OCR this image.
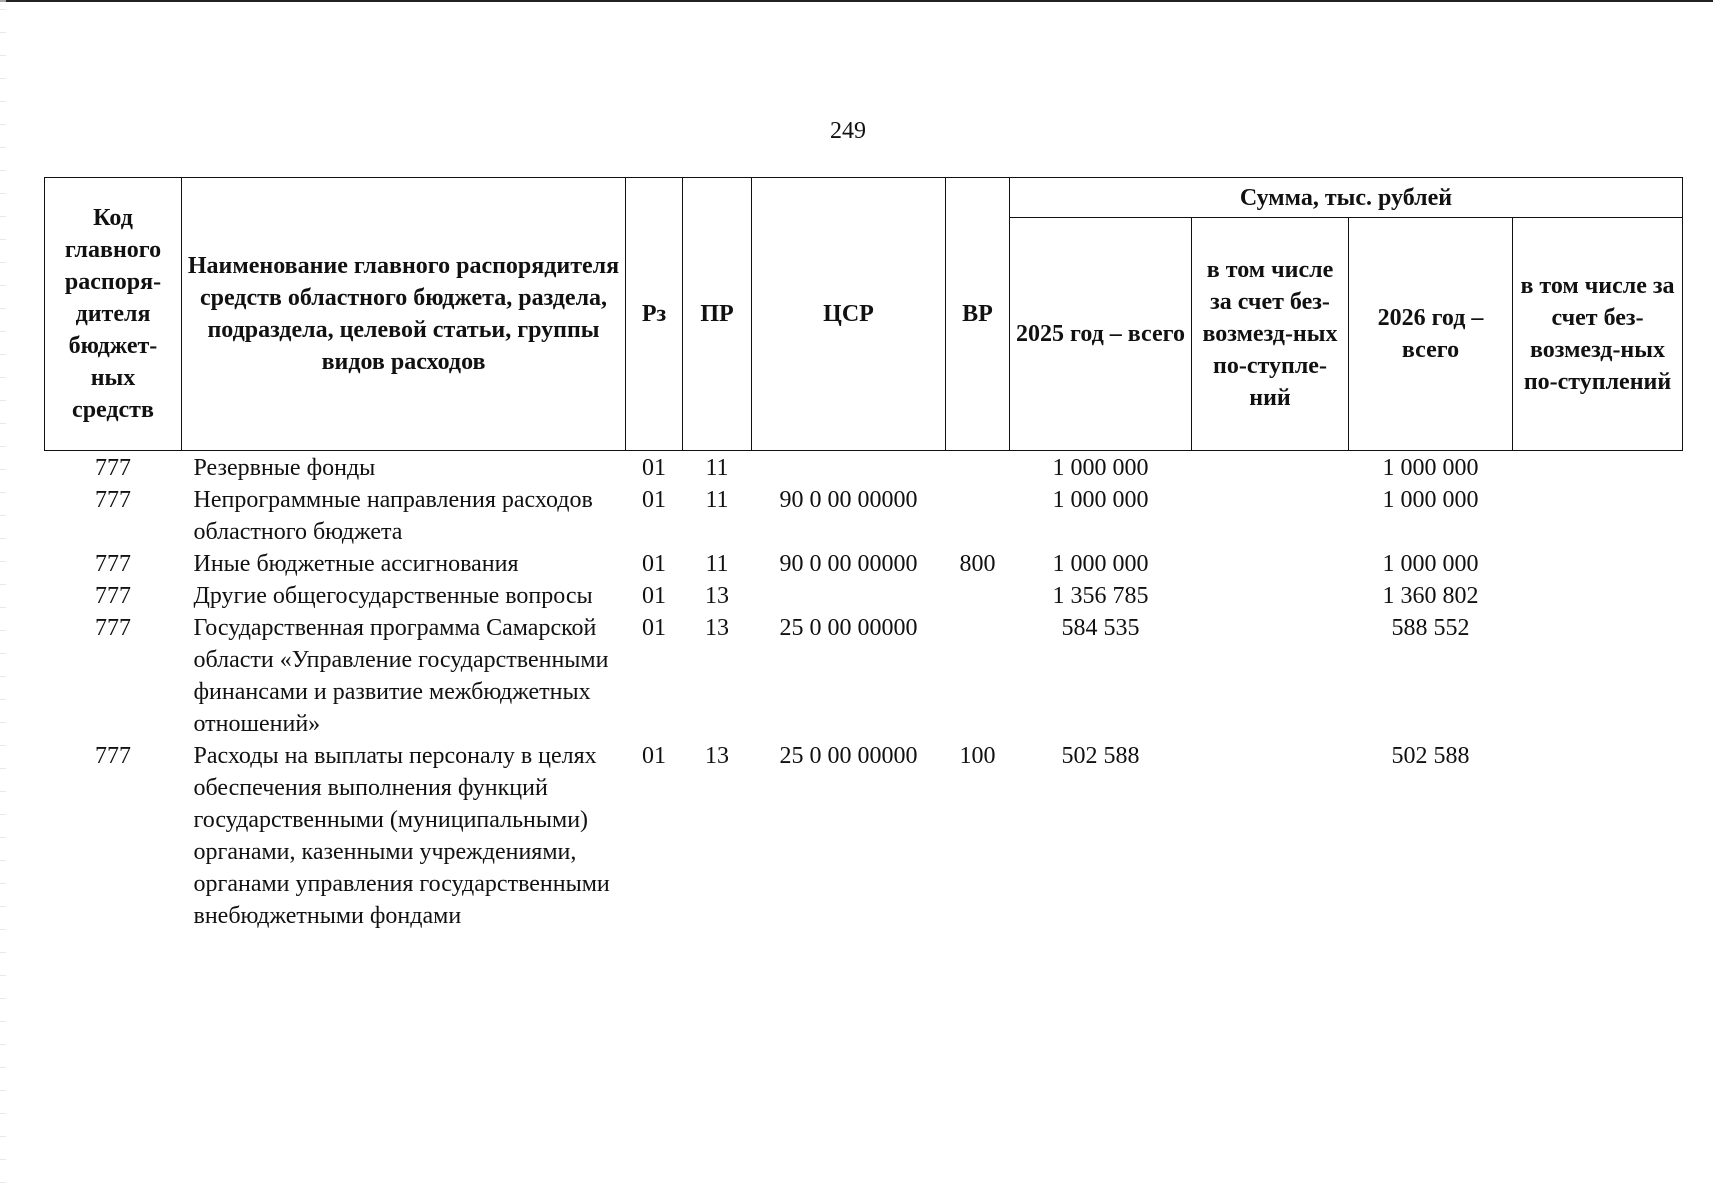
249
Код главного распоря-дителя бюджет-ных средств	Наименование главного распорядителя средств областного бюджета, раздела, подраздела, целевой статьи, группы видов расходов	Рз	ПР	ЦСР	ВР	Сумма, тыс. рублей			
						2025 год – всего	в том числе за счет без-возмезд-ных по-ступле-ний	2026 год – всего	в том числе за счет без-возмезд-ных по-ступлений
777	Резервные фонды	01	11			1 000 000		1 000 000	
777	Непрограммные направления расходов областного бюджета	01	11	90 0 00 00000		1 000 000		1 000 000	
777	Иные бюджетные ассигнования	01	11	90 0 00 00000	800	1 000 000		1 000 000	
777	Другие общегосударственные вопросы	01	13			1 356 785		1 360 802	
777	Государственная программа Самарской области «Управление государственными финансами и развитие межбюджетных отношений»	01	13	25 0 00 00000		584 535		588 552	
777	Расходы на выплаты персоналу в целях обеспечения выполнения функций государственными (муниципальными) органами, казенными учреждениями, органами управления государственными внебюджетными фондами	01	13	25 0 00 00000	100	502 588		502 588	
